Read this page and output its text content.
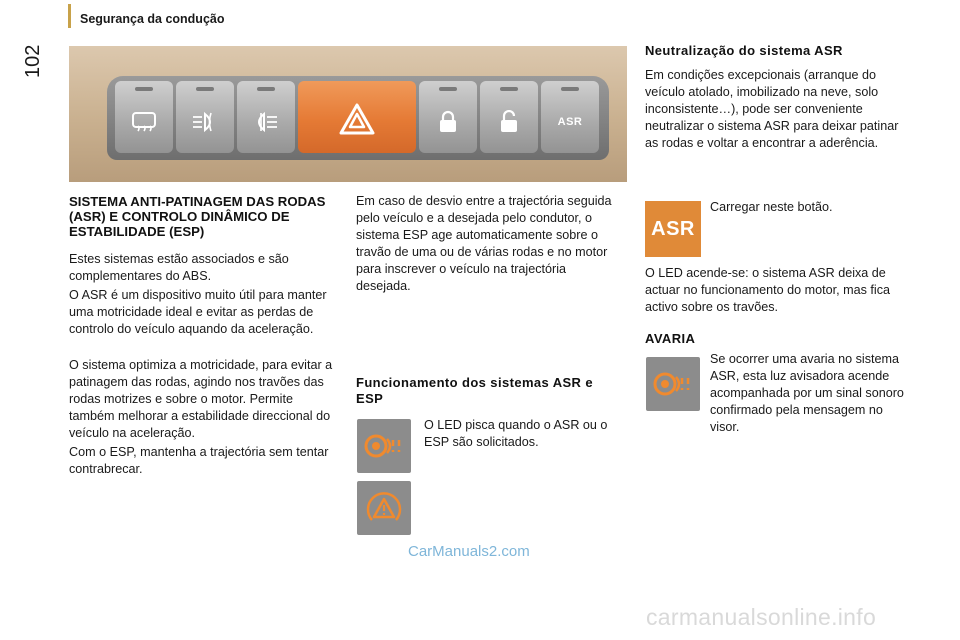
Segurança da condução
102
ASR
SISTEMA ANTI-PATINAGEM DAS RODAS (ASR) E CONTROLO DINÂMICO DE ESTABILIDADE (ESP)

Estes sistemas estão associados e são complementares do ABS.

O ASR é um dispositivo muito útil para manter uma motricidade ideal e evitar as perdas de controlo do veículo aquando da aceleração.

O sistema optimiza a motricidade, para evitar a patinagem das rodas, agindo nos travões das rodas motrizes e sobre o motor. Permite também melhorar a estabilidade direccional do veículo na aceleração.

Com o ESP, mantenha a trajectória sem tentar contrabrecar.

Em caso de desvio entre a trajectória seguida pelo veículo e a desejada pelo condutor, o sistema ESP age automaticamente sobre o travão de uma ou de várias rodas e no motor para inscrever o veículo na trajectória desejada.

Funcionamento dos sistemas ASR e ESP

O LED pisca quando o ASR ou o ESP são solicitados.

Neutralização do sistema ASR

Em condições excepcionais (arranque do veículo atolado, imobilizado na neve, solo inconsistente…), pode ser conveniente neutralizar o sistema ASR para deixar patinar as rodas e voltar a encontrar a aderência.

ASR

Carregar neste botão.

O LED acende-se: o sistema ASR deixa de actuar no funcionamento do motor, mas fica activo sobre os travões.

AVARIA

Se ocorrer uma avaria no sistema ASR, esta luz avisadora acende acompanhada por um sinal sonoro confirmado pela mensagem no visor.

CarManuals2.com
carmanualsonline.info
